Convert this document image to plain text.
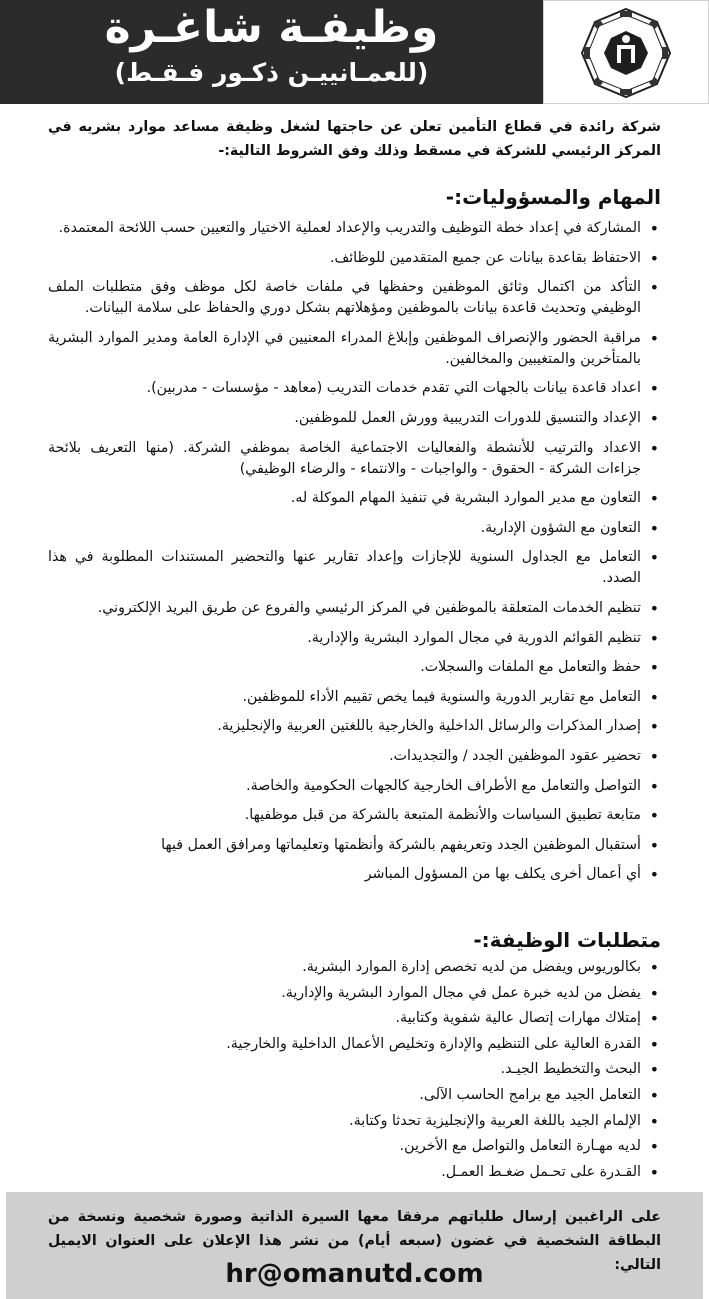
وظيفـة شاغـرة
(للعمـانييـن ذكـور فـقـط)
شركة رائدة في قطاع التأمين تعلن عن حاجتها لشغل وظيفة مساعد موارد بشريه في المركز الرئيسي للشركة في مسقط وذلك وفق الشروط التالية:-
المهام والمسؤوليات:-
• المشاركة في إعداد خطة التوظيف والتدريب والإعداد لعملية الاختيار والتعيين حسب اللائحة المعتمدة.
• الاحتفاظ بقاعدة بيانات عن جميع المتقدمين للوظائف.
• التأكد من اكتمال وثائق الموظفين وحفظها في ملفات خاصة لكل موظف وفق متطلبات الملف الوظيفي وتحديث قاعدة بيانات بالموظفين ومؤهلاتهم بشكل دوري والحفاظ على سلامة البيانات.
• مراقبة الحضور والإنصراف الموظفين وإبلاغ المدراء المعنيين في الإدارة العامة ومدير الموارد البشرية بالمتأخرين والمتغيبين والمخالفين.
• اعداد قاعدة بيانات بالجهات التي تقدم خدمات التدريب (معاهد - مؤسسات - مدربين).
• الإعداد والتنسيق للدورات التدريبية وورش العمل للموظفين.
• الاعداد والترتيب للأنشطة والفعاليات الاجتماعية الخاصة بموظفي الشركة. (منها التعريف بلائحة جزاءات الشركة - الحقوق - والواجبات - والانتماء - والرضاء الوظيفي)
• التعاون مع مدير الموارد البشرية في تنفيذ المهام الموكلة له.
• التعاون مع الشؤون الإدارية.
• التعامل مع الجداول السنوية للإجازات وإعداد تقارير عنها والتحضير المستندات المطلوبة في هذا الصدد.
• تنظيم الخدمات المتعلقة بالموظفين في المركز الرئيسي والفروع عن طريق البريد الإلكتروني.
• تنظيم القوائم الدورية في مجال الموارد البشرية والإدارية.
• حفظ والتعامل مع الملفات والسجلات.
• التعامل مع تقارير الدورية والسنوية فيما يخص تقييم الأداء للموظفين.
• إصدار المذكرات والرسائل الداخلية والخارجية باللغتين العربية والإنجليزية.
• تحضير عقود الموظفين الجدد / والتجديدات.
• التواصل والتعامل مع الأطراف الخارجية كالجهات الحكومية والخاصة.
• متابعة تطبيق السياسات والأنظمة المتبعة بالشركة من قبل موظفيها.
• أستقبال الموظفين الجدد وتعريفهم بالشركة وأنظمتها وتعليماتها ومرافق العمل فيها
• أي أعمال أخرى يكلف بها من المسؤول المباشر
متطلبات الوظيفة:-
• بكالوريوس ويفضل من لديه تخصص إدارة الموارد البشرية.
• يفضل من لديه خبرة عمل في مجال الموارد البشرية والإدارية.
• إمتلاك مهارات إتصال عالية شفوية وكتابية.
• القدرة العالية على التنظيم والإدارة وتخليص الأعمال الداخلية والخارجية.
• البحث والتخطيط الجيـد.
• التعامل الجيد مع برامج الحاسب الآلى.
• الإلمام الجيد باللغة العربية والإنجليزية تحدثا وكتابة.
• لديه مهـارة التعامل والتواصل مع الأخرين.
• القـدرة على تحـمل ضغـط العمـل.
على الراغبين إرسال طلباتهم مرفقا معها السيرة الذاتية وصورة شخصية ونسخة من البطاقة الشخصية في غضون (سبعه أيام) من نشر هذا الإعلان على العنوان الايميل التالي:
hr@omanutd.com
